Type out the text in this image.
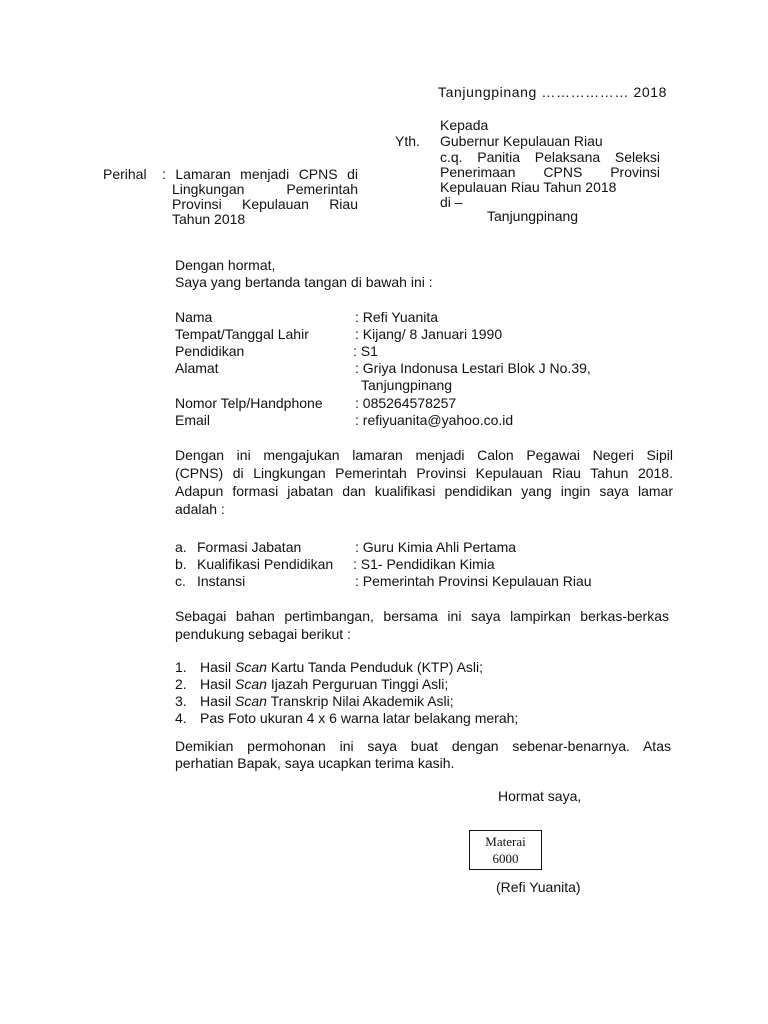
Tanjungpinang ……………… 2018
Kepada
Yth. Gubernur Kepulauan Riau
c.q. Panitia Pelaksana Seleksi
Penerimaan CPNS Provinsi
Kepulauan Riau Tahun 2018
di –
Tanjungpinang
Perihal : Lamaran menjadi CPNS di
Lingkungan Pemerintah
Provinsi Kepulauan Riau
Tahun 2018
Dengan hormat,
Saya yang bertanda tangan di bawah ini :
Nama	: Refi Yuanita
Tempat/Tanggal Lahir	: Kijang/ 8 Januari 1990
Pendidikan	: S1
Alamat	: Griya Indonusa Lestari Blok J No.39,
Tanjungpinang
Nomor Telp/Handphone : 085264578257
Email	: refiyuanita@yahoo.co.id
Dengan ini mengajukan lamaran menjadi Calon Pegawai Negeri Sipil
(CPNS) di Lingkungan Pemerintah Provinsi Kepulauan Riau Tahun 2018.
Adapun formasi jabatan dan kualifikasi pendidikan yang ingin saya lamar
adalah :
a. Formasi Jabatan	: Guru Kimia Ahli Pertama
b. Kualifikasi Pendidikan : S1- Pendidikan Kimia
c. Instansi	: Pemerintah Provinsi Kepulauan Riau
Sebagai bahan pertimbangan, bersama ini saya lampirkan berkas-berkas
pendukung sebagai berikut :
1. Hasil Scan Kartu Tanda Penduduk (KTP) Asli;
2. Hasil Scan Ijazah Perguruan Tinggi Asli;
3. Hasil Scan Transkrip Nilai Akademik Asli;
4. Pas Foto ukuran 4 x 6 warna latar belakang merah;
Demikian permohonan ini saya buat dengan sebenar-benarnya. Atas
perhatian Bapak, saya ucapkan terima kasih.
Hormat saya,
Materai
6000
(Refi Yuanita)
